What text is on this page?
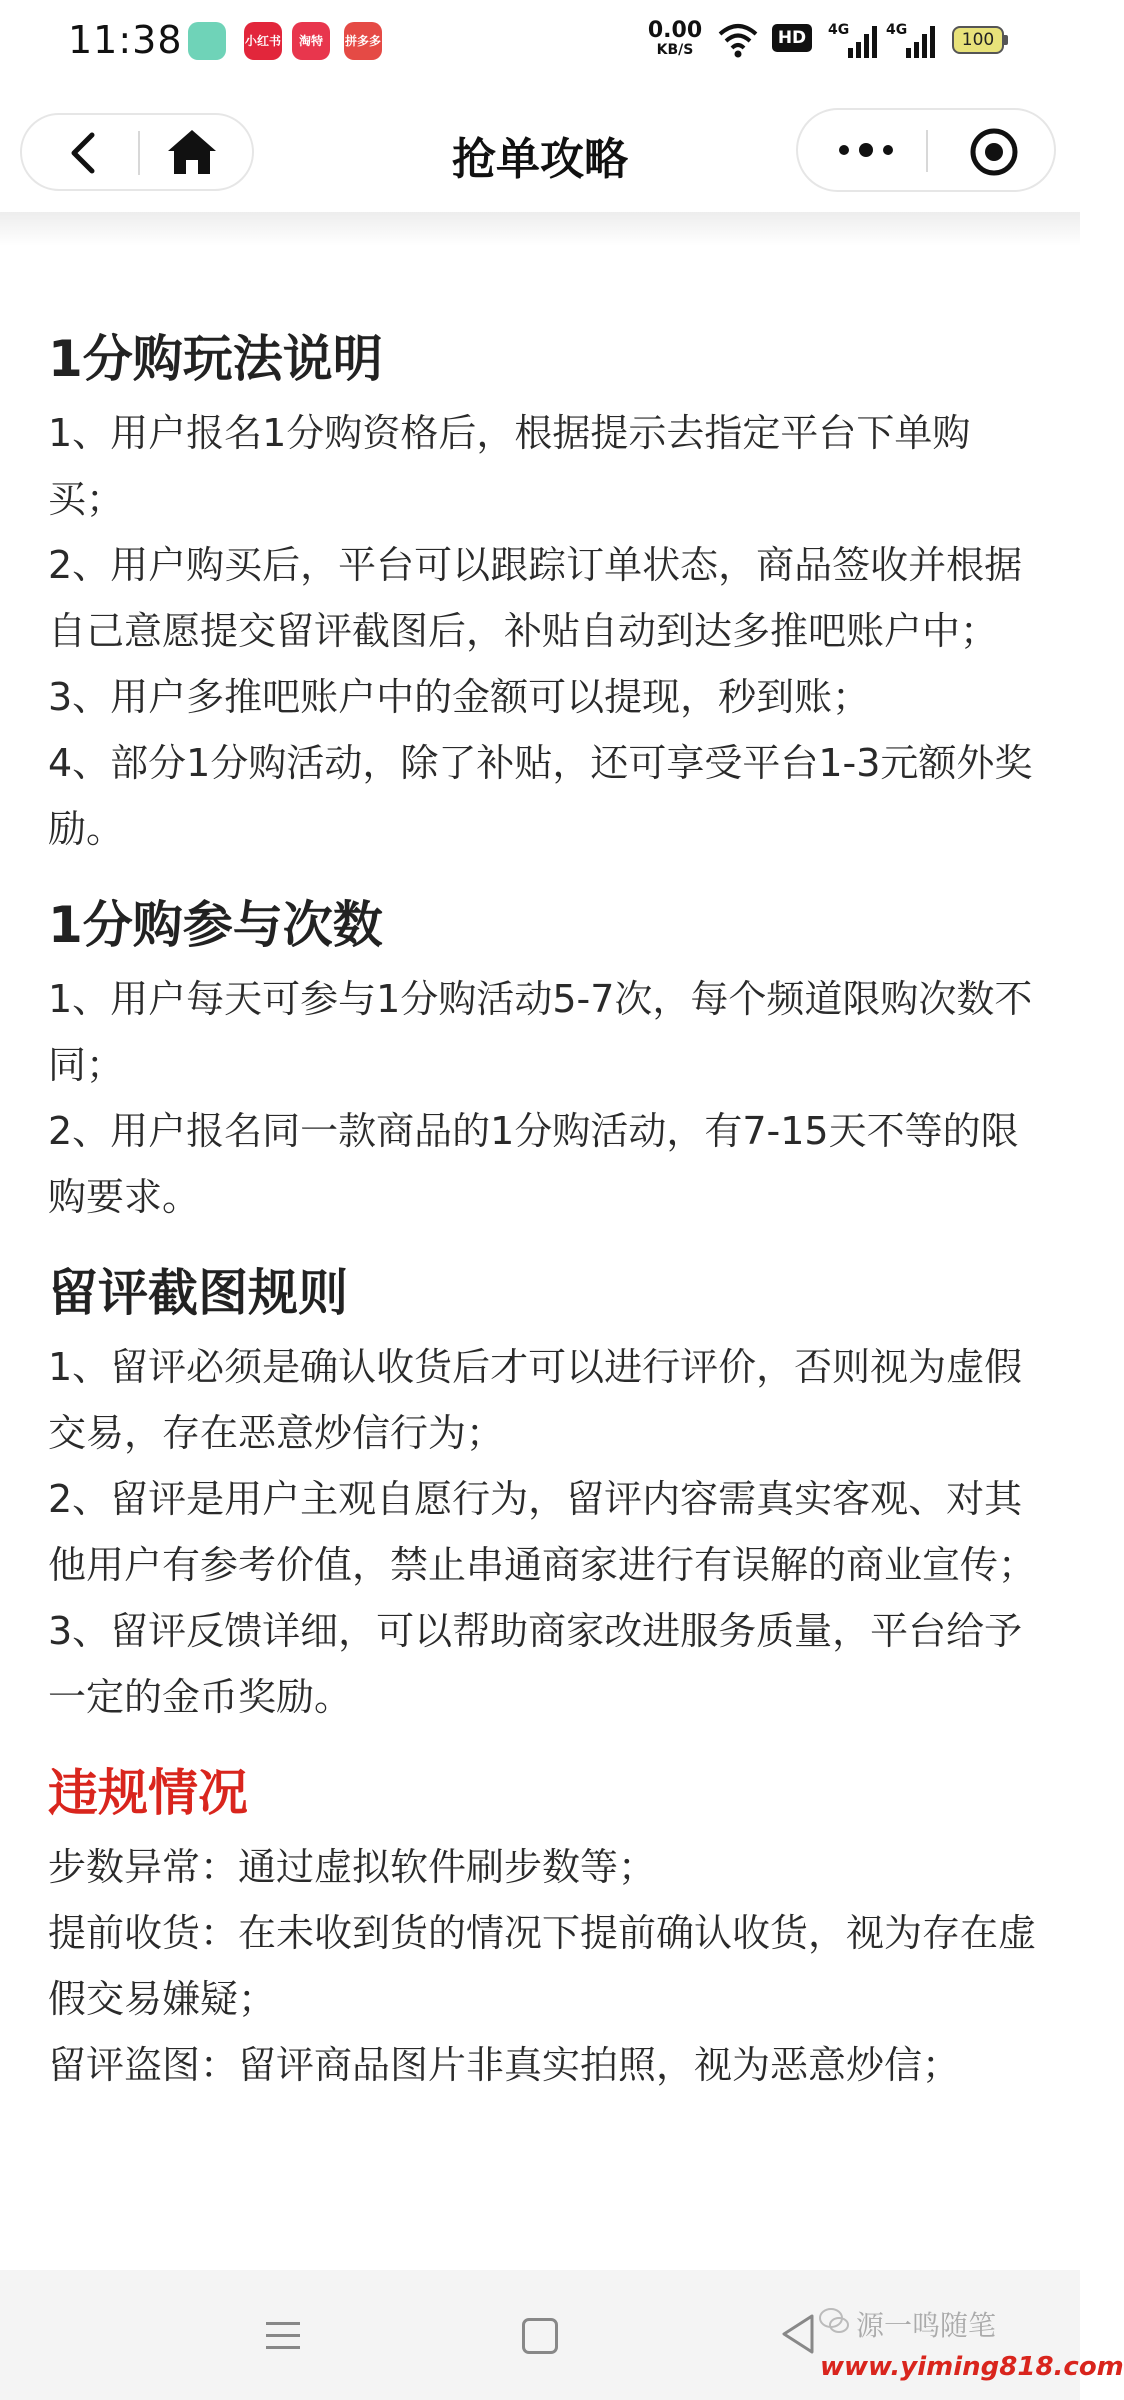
11:38	小红书	淘特	拼多多	0.00
KB/S
HD	4G	4G	100
抢单攻略
1分购玩法说明

1、用户报名1分购资格后，根据提示去指定平台下单购买；

2、用户购买后，平台可以跟踪订单状态，商品签收并根据自己意愿提交留评截图后，补贴自动到达多推吧账户中；

3、用户多推吧账户中的金额可以提现，秒到账；

4、部分1分购活动，除了补贴，还可享受平台1-3元额外奖励。

1分购参与次数

1、用户每天可参与1分购活动5-7次，每个频道限购次数不同；

2、用户报名同一款商品的1分购活动，有7-15天不等的限购要求。

留评截图规则

1、留评必须是确认收货后才可以进行评价，否则视为虚假交易，存在恶意炒信行为；

2、留评是用户主观自愿行为，留评内容需真实客观、对其他用户有参考价值，禁止串通商家进行有误解的商业宣传；

3、留评反馈详细，可以帮助商家改进服务质量，平台给予一定的金币奖励。

违规情况

步数异常：通过虚拟软件刷步数等；

提前收货：在未收到货的情况下提前确认收货，视为存在虚假交易嫌疑；

留评盗图：留评商品图片非真实拍照，视为恶意炒信；

源一鸣随笔
www.yiming818.com
